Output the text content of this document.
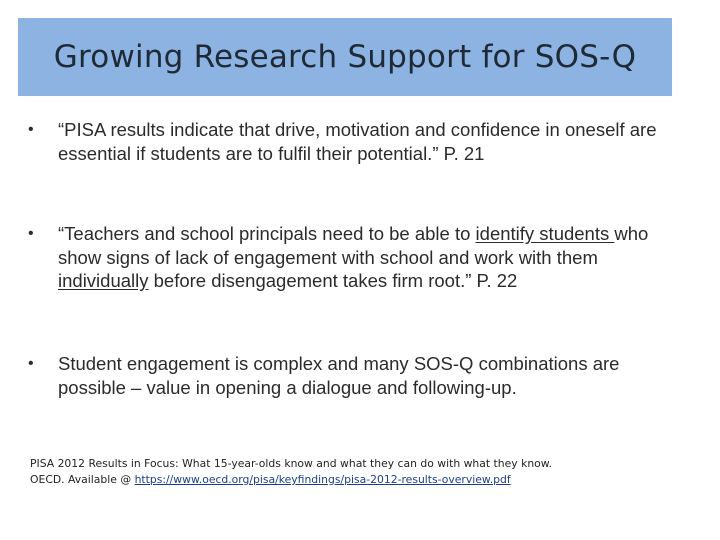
Growing Research Support for SOS-Q
•	“PISA results indicate that drive, motivation and confidence in oneself are essential if students are to fulfil their potential.” P. 21
•	“Teachers and school principals need to be able to identify students who show signs of lack of engagement with school and work with them individually before disengagement takes firm root.” P. 22
•	Student engagement is complex and many SOS-Q combinations are possible – value in opening a dialogue and following-up.
PISA 2012 Results in Focus: What 15-year-olds know and what they can do with what they know.
OECD. Available @ https://www.oecd.org/pisa/keyfindings/pisa-2012-results-overview.pdf
